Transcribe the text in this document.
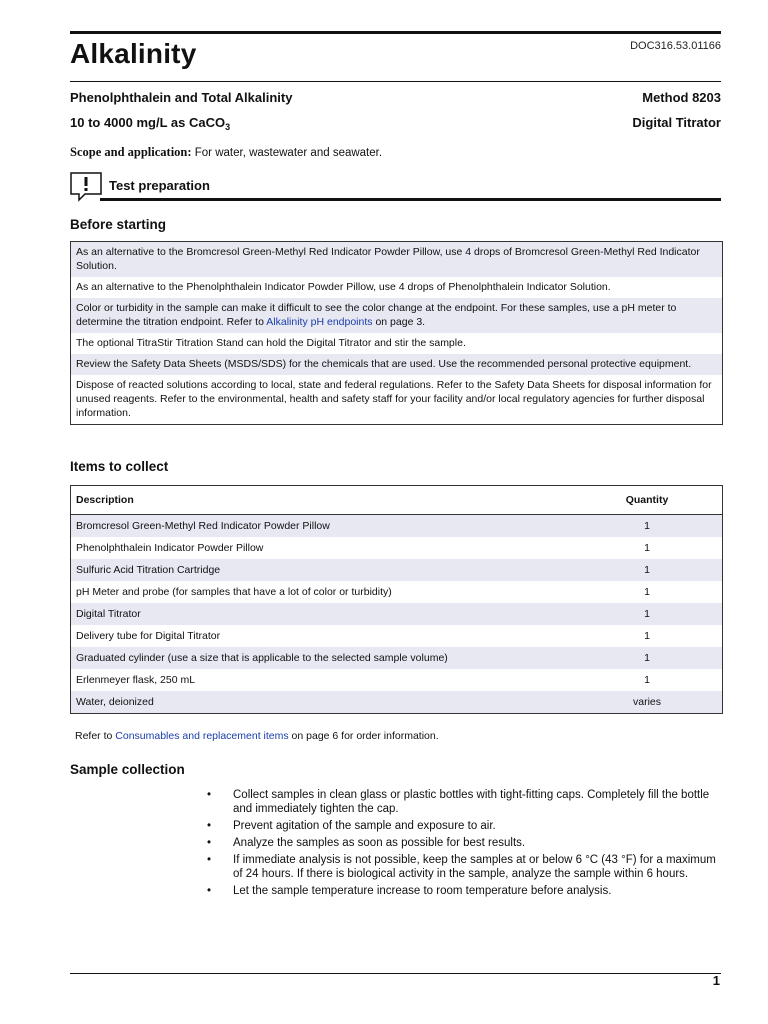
Alkalinity	DOC316.53.01166
Phenolphthalein and Total Alkalinity	Method 8203
10 to 4000 mg/L as CaCO$_3$	Digital Titrator
Scope and application: For water, wastewater and seawater.
Test preparation
Before starting
As an alternative to the Bromcresol Green-Methyl Red Indicator Powder Pillow, use 4 drops of Bromcresol Green-Methyl Red Indicator Solution.
As an alternative to the Phenolphthalein Indicator Powder Pillow, use 4 drops of Phenolphthalein Indicator Solution.
Color or turbidity in the sample can make it difficult to see the color change at the endpoint. For these samples, use a pH meter to determine the titration endpoint. Refer to Alkalinity pH endpoints on page 3.
The optional TitraStir Titration Stand can hold the Digital Titrator and stir the sample.
Review the Safety Data Sheets (MSDS/SDS) for the chemicals that are used. Use the recommended personal protective equipment.
Dispose of reacted solutions according to local, state and federal regulations. Refer to the Safety Data Sheets for disposal information for unused reagents. Refer to the environmental, health and safety staff for your facility and/or local regulatory agencies for further disposal information.
Items to collect
Description	Quantity
Bromcresol Green-Methyl Red Indicator Powder Pillow	1
Phenolphthalein Indicator Powder Pillow	1
Sulfuric Acid Titration Cartridge	1
pH Meter and probe (for samples that have a lot of color or turbidity)	1
Digital Titrator	1
Delivery tube for Digital Titrator	1
Graduated cylinder (use a size that is applicable to the selected sample volume)	1
Erlenmeyer flask, 250 mL	1
Water, deionized	varies
Refer to Consumables and replacement items on page 6 for order information.
Sample collection
•	Collect samples in clean glass or plastic bottles with tight-fitting caps. Completely fill the bottle and immediately tighten the cap.
•	Prevent agitation of the sample and exposure to air.
•	Analyze the samples as soon as possible for best results.
•	If immediate analysis is not possible, keep the samples at or below 6 °C (43 °F) for a maximum of 24 hours. If there is biological activity in the sample, analyze the sample within 6 hours.
•	Let the sample temperature increase to room temperature before analysis.
1
